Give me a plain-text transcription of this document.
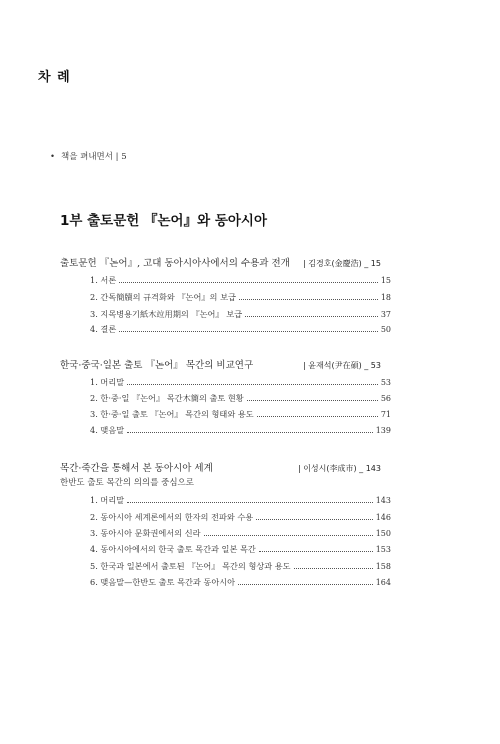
차 례
• 책을 펴내면서 | 5
1부 출토문헌 『논어』와 동아시아
출토문헌 『논어』, 고대 동아시아사에서의 수용과 전개 | 김경호(金慶浩) _ 15
1. 서론	15
2. 간독簡牘의 규격화와 『논어』의 보급	18
3. 지목병용기紙木竝用期의 『논어』 보급	37
4. 결론	50
한국·중국·일본 출토 『논어』 목간의 비교연구	| 윤재석(尹在碩) _ 53
1. 머리말	53
2. 한·중·일 『논어』 목간木簡의 출토 현황	56
3. 한·중·일 출토 『논어』 목간의 형태와 용도	71
4. 맺음말	139
목간·죽간을 통해서 본 동아시아 세계	| 이성시(李成市) _ 143
한반도 출토 목간의 의의를 중심으로
1. 머리말	143
2. 동아시아 세계론에서의 한자의 전파와 수용	146
3. 동아시아 문화권에서의 신라	150
4. 동아시아에서의 한국 출토 목간과 일본 목간	153
5. 한국과 일본에서 출토된 『논어』 목간의 형상과 용도	158
6. 맺음말—한반도 출토 목간과 동아시아	164
